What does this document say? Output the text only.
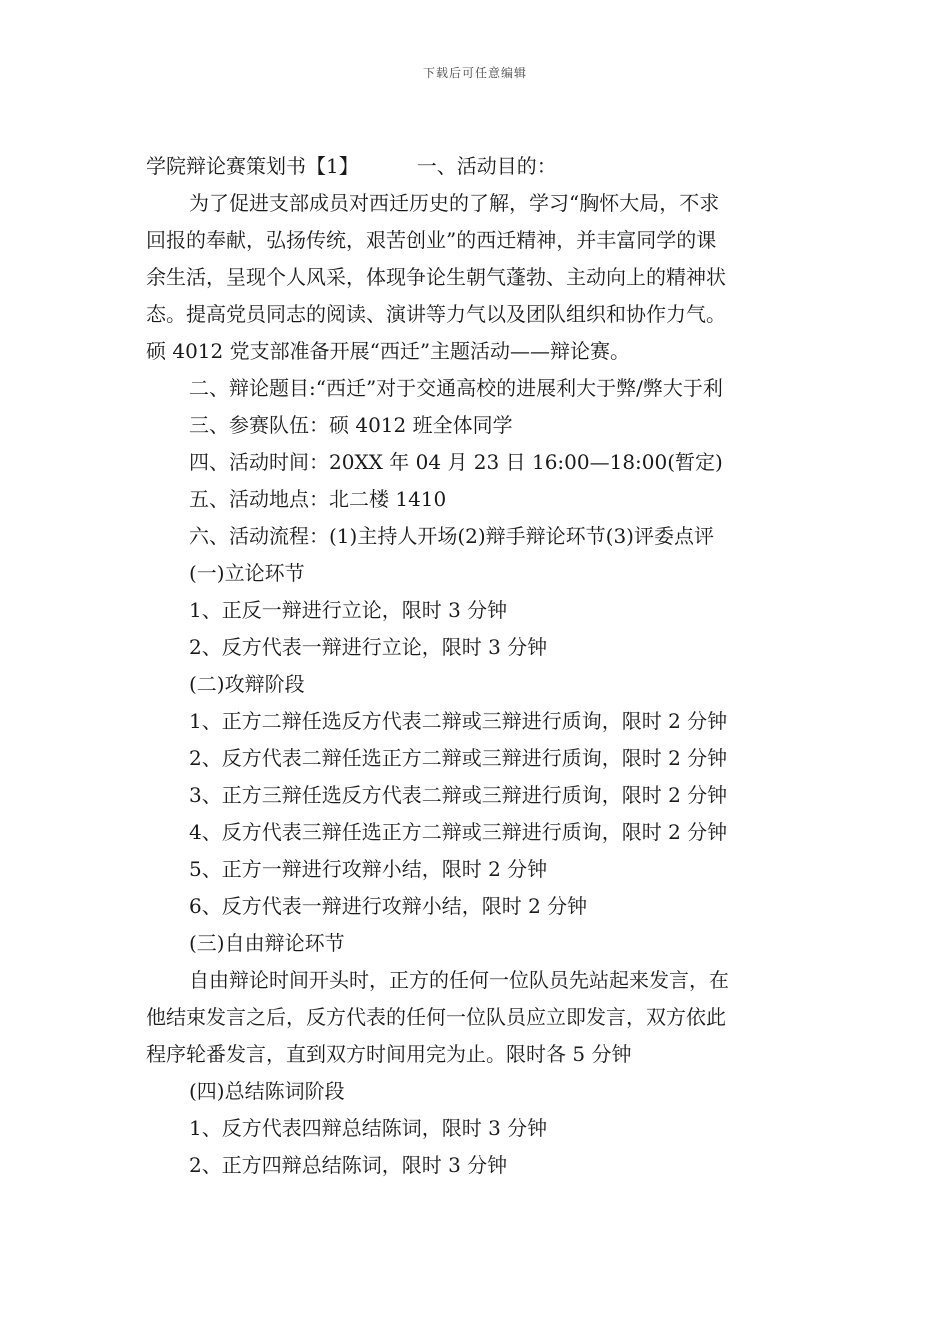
下载后可任意编辑
学院辩论赛策划书【1】	一、活动目的：
为了促进支部成员对西迁历史的了解，学习“胸怀大局，不求
回报的奉献，弘扬传统，艰苦创业”的西迁精神，并丰富同学的课
余生活，呈现个人风采，体现争论生朝气蓬勃、主动向上的精神状
态。提高党员同志的阅读、演讲等力气以及团队组织和协作力气。
硕 4012 党支部准备开展“西迁”主题活动——辩论赛。
二、辩论题目:“西迁”对于交通高校的进展利大于弊/弊大于利
三、参赛队伍：硕 4012 班全体同学
四、活动时间：20XX 年 04 月 23 日 16:00—18:00(暂定)
五、活动地点：北二楼 1410
六、活动流程：(1)主持人开场(2)辩手辩论环节(3)评委点评
(一)立论环节
1、正反一辩进行立论，限时 3 分钟
2、反方代表一辩进行立论，限时 3 分钟
(二)攻辩阶段
1、正方二辩任选反方代表二辩或三辩进行质询，限时 2 分钟
2、反方代表二辩任选正方二辩或三辩进行质询，限时 2 分钟
3、正方三辩任选反方代表二辩或三辩进行质询，限时 2 分钟
4、反方代表三辩任选正方二辩或三辩进行质询，限时 2 分钟
5、正方一辩进行攻辩小结，限时 2 分钟
6、反方代表一辩进行攻辩小结，限时 2 分钟
(三)自由辩论环节
自由辩论时间开头时，正方的任何一位队员先站起来发言，在
他结束发言之后，反方代表的任何一位队员应立即发言，双方依此
程序轮番发言，直到双方时间用完为止。限时各 5 分钟
(四)总结陈词阶段
1、反方代表四辩总结陈词，限时 3 分钟
2、正方四辩总结陈词，限时 3 分钟
